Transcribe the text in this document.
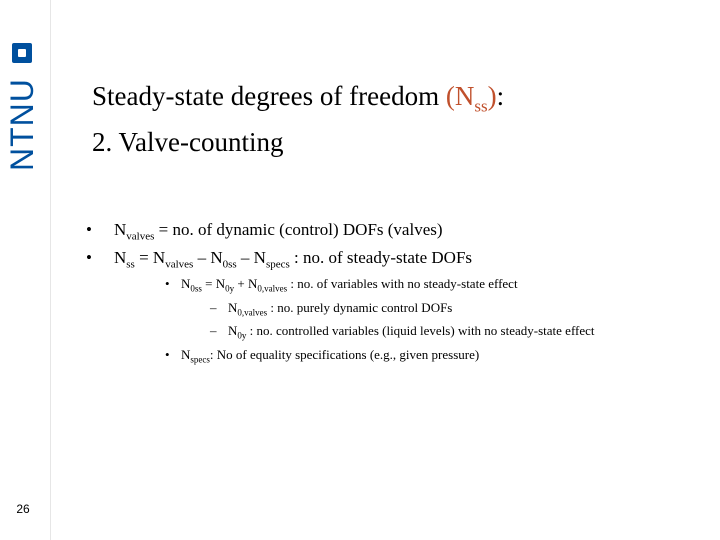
NTNU
26
Steady-state degrees of freedom $(N_{ss})$:
2. Valve-counting
• $N_{valves}$ = no. of dynamic (control) DOFs (valves)
• $N_{ss} = N_{valves} - N_{0ss} - N_{specs}$ : no. of steady-state DOFs
• $N_{0ss} = N_{0y} + N_{0,valves}$ : no. of variables with no steady-state effect
– $N_{0,valves}$ : no. purely dynamic control DOFs
– $N_{0y}$ : no. controlled variables (liquid levels) with no steady-state effect
• $N_{specs}$: No of equality specifications (e.g., given pressure)
